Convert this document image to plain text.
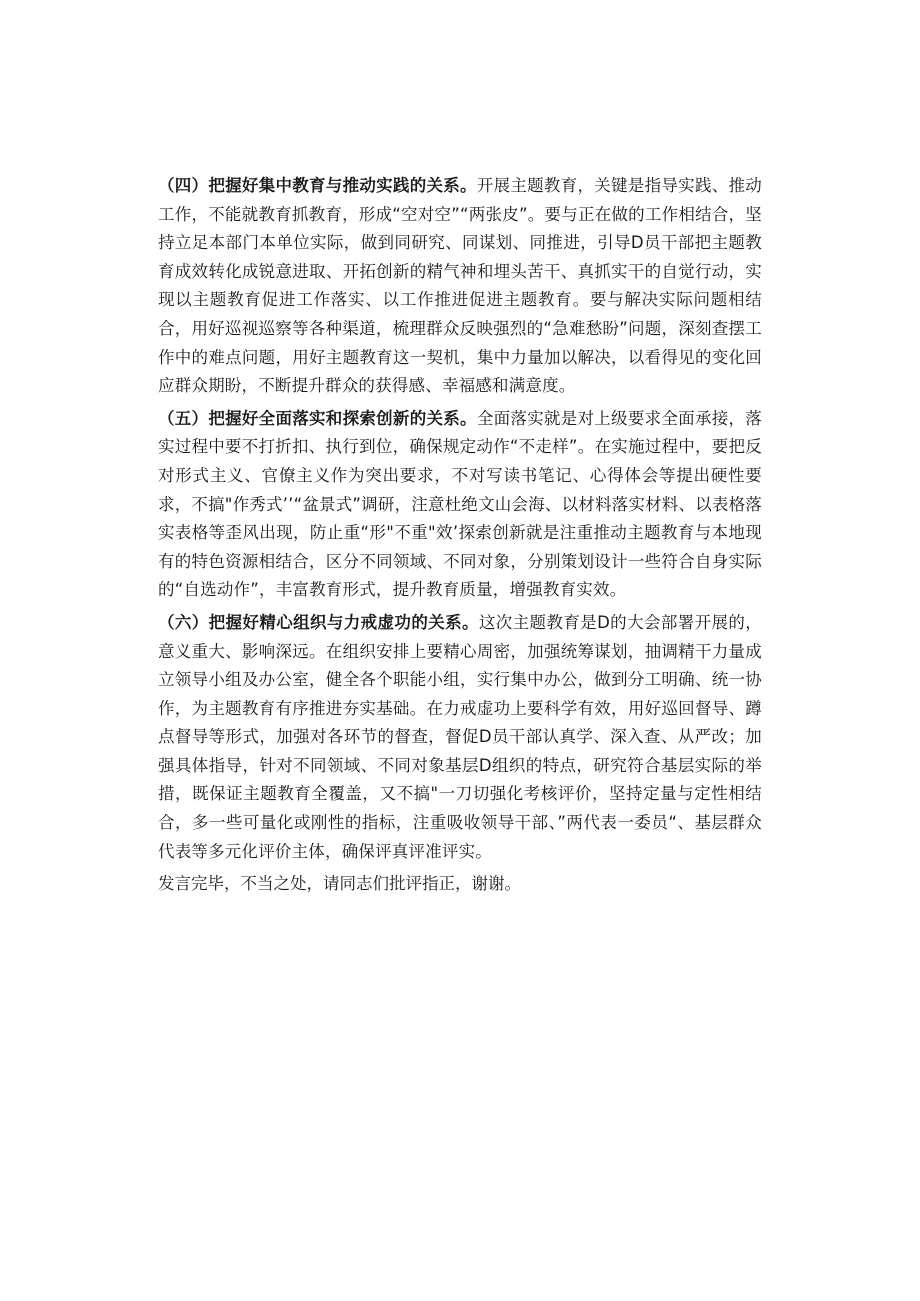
（四）把握好集中教育与推动实践的关系。开展主题教育，关键是指导实践、推动工作，不能就教育抓教育，形成“空对空”“两张皮”。要与正在做的工作相结合，坚持立足本部门本单位实际，做到同研究、同谋划、同推进，引导D员干部把主题教育成效转化成锐意进取、开拓创新的精气神和埋头苦干、真抓实干的自觉行动，实现以主题教育促进工作落实、以工作推进促进主题教育。要与解决实际问题相结合，用好巡视巡察等各种渠道，梳理群众反映强烈的“急难愁盼”问题，深刻查摆工作中的难点问题，用好主题教育这一契机，集中力量加以解决，以看得见的变化回应群众期盼，不断提升群众的获得感、幸福感和满意度。

（五）把握好全面落实和探索创新的关系。全面落实就是对上级要求全面承接，落实过程中要不打折扣、执行到位，确保规定动作“不走样”。在实施过程中，要把反对形式主义、官僚主义作为突出要求，不对写读书笔记、心得体会等提出硬性要求，不搞"作秀式’’“盆景式”调研，注意杜绝文山会海、以材料落实材料、以表格落实表格等歪风出现，防止重“形"不重"效’探索创新就是注重推动主题教育与本地现有的特色资源相结合，区分不同领域、不同对象，分别策划设计一些符合自身实际的“自选动作”，丰富教育形式，提升教育质量，增强教育实效。

（六）把握好精心组织与力戒虚功的关系。这次主题教育是D的大会部署开展的，意义重大、影响深远。在组织安排上要精心周密，加强统筹谋划，抽调精干力量成立领导小组及办公室，健全各个职能小组，实行集中办公，做到分工明确、统一协作，为主题教育有序推进夯实基础。在力戒虚功上要科学有效，用好巡回督导、蹲点督导等形式，加强对各环节的督查，督促D员干部认真学、深入查、从严改；加强具体指导，针对不同领域、不同对象基层D组织的特点，研究符合基层实际的举措，既保证主题教育全覆盖，又不搞"一刀切强化考核评价，坚持定量与定性相结合，多一些可量化或刚性的指标，注重吸收领导干部、”两代表一委员“、基层群众代表等多元化评价主体，确保评真评准评实。

发言完毕，不当之处，请同志们批评指正，谢谢。
